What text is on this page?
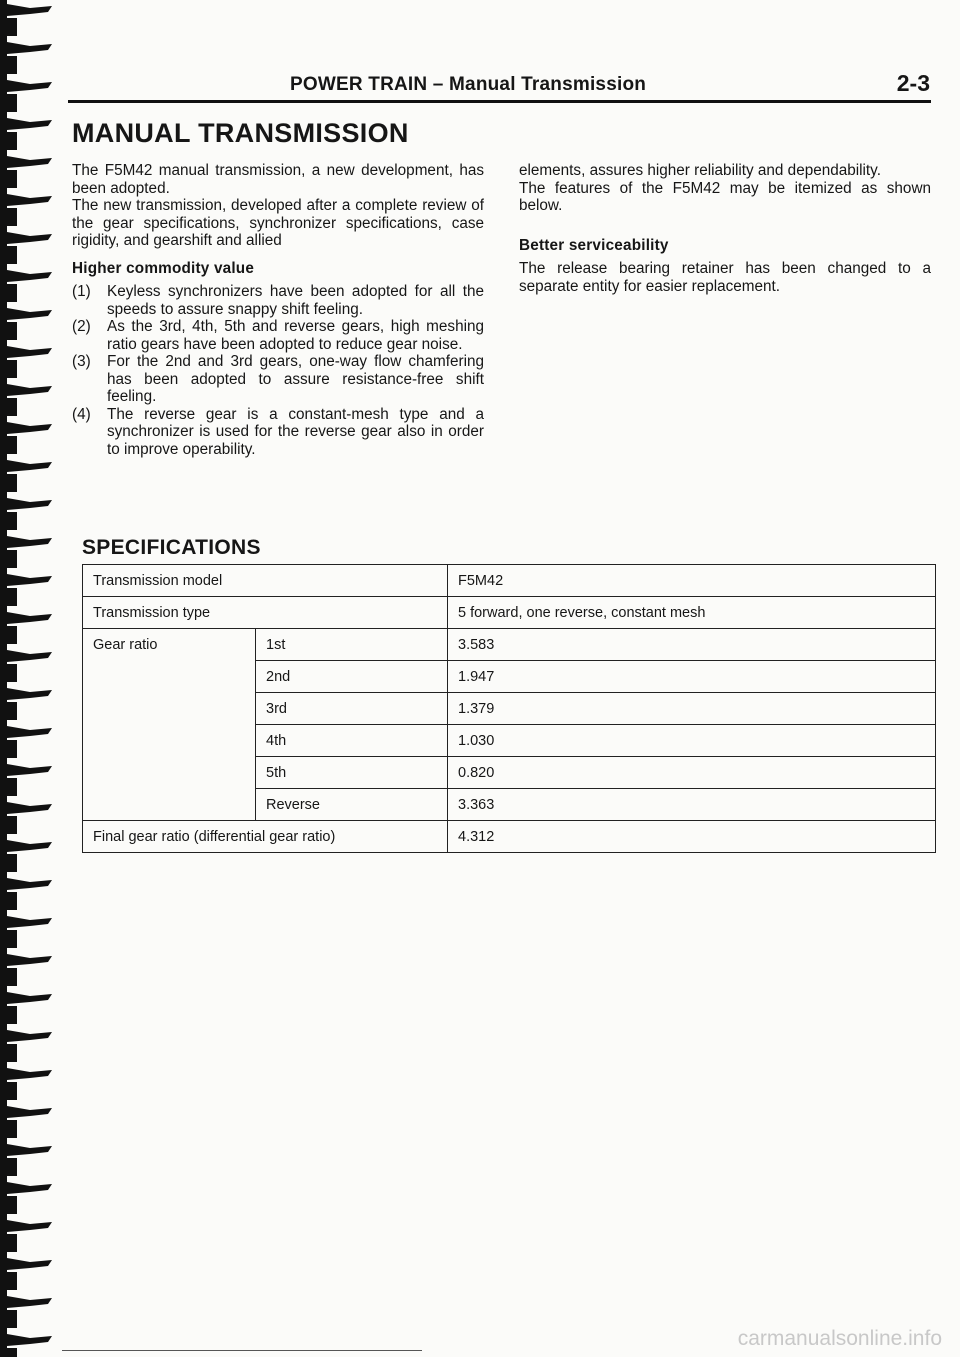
POWER TRAIN – Manual Transmission	2-3
MANUAL TRANSMISSION

The F5M42 manual transmission, a new development, has been adopted.

The new transmission, developed after a complete review of the gear specifications, synchronizer specifications, case rigidity, and gearshift and allied

Higher commodity value
(1) Keyless synchronizers have been adopted for all the speeds to assure snappy shift feeling.
(2) As the 3rd, 4th, 5th and reverse gears, high meshing ratio gears have been adopted to reduce gear noise.
(3) For the 2nd and 3rd gears, one-way flow chamfering has been adopted to assure resistance-free shift feeling.
(4) The reverse gear is a constant-mesh type and a synchronizer is used for the reverse gear also in order to improve operability.

elements, assures higher reliability and dependability.

The features of the F5M42 may be itemized as shown below.

Better serviceability

The release bearing retainer has been changed to a separate entity for easier replacement.

SPECIFICATIONS
Transmission model		F5M42
Transmission type		5 forward, one reverse, constant mesh
Gear ratio	1st	3.583
	2nd	1.947
	3rd	1.379
	4th	1.030
	5th	0.820
	Reverse	3.363
Final gear ratio (differential gear ratio)		4.312
carmanualsonline.info
